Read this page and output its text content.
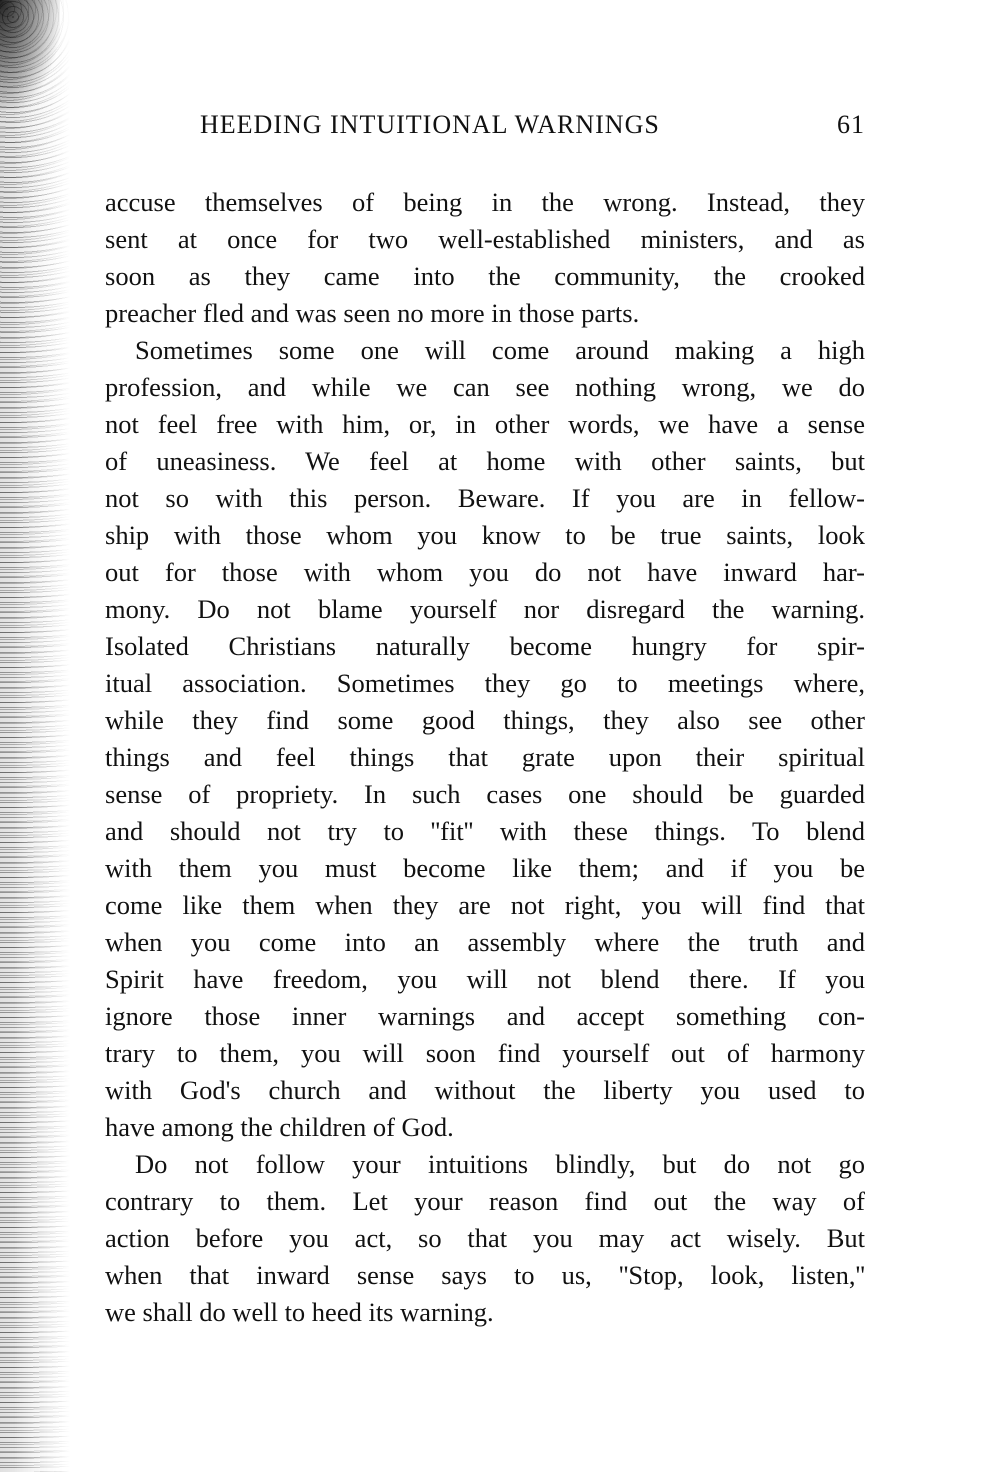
HEEDING INTUITIONAL WARNINGS	61
accuse themselves of being in the wrong. Instead, they
sent at once for two well-established ministers, and as
soon as they came into the community, the crooked
preacher fled and was seen no more in those parts.
Sometimes some one will come around making a high
profession, and while we can see nothing wrong, we do
not feel free with him, or, in other words, we have a sense
of uneasiness. We feel at home with other saints, but
not so with this person. Beware. If you are in fellow-
ship with those whom you know to be true saints, look
out for those with whom you do not have inward har-
mony. Do not blame yourself nor disregard the warning.
Isolated Christians naturally become hungry for spir-
itual association. Sometimes they go to meetings where,
while they find some good things, they also see other
things and feel things that grate upon their spiritual
sense of propriety. In such cases one should be guarded
and should not try to ''fit'' with these things. To blend
with them you must become like them; and if you be
come like them when they are not right, you will find that
when you come into an assembly where the truth and
Spirit have freedom, you will not blend there. If you
ignore those inner warnings and accept something con-
trary to them, you will soon find yourself out of harmony
with God's church and without the liberty you used to
have among the children of God.
Do not follow your intuitions blindly, but do not go
contrary to them. Let your reason find out the way of
action before you act, so that you may act wisely. But
when that inward sense says to us, ''Stop, look, listen,''
we shall do well to heed its warning.
